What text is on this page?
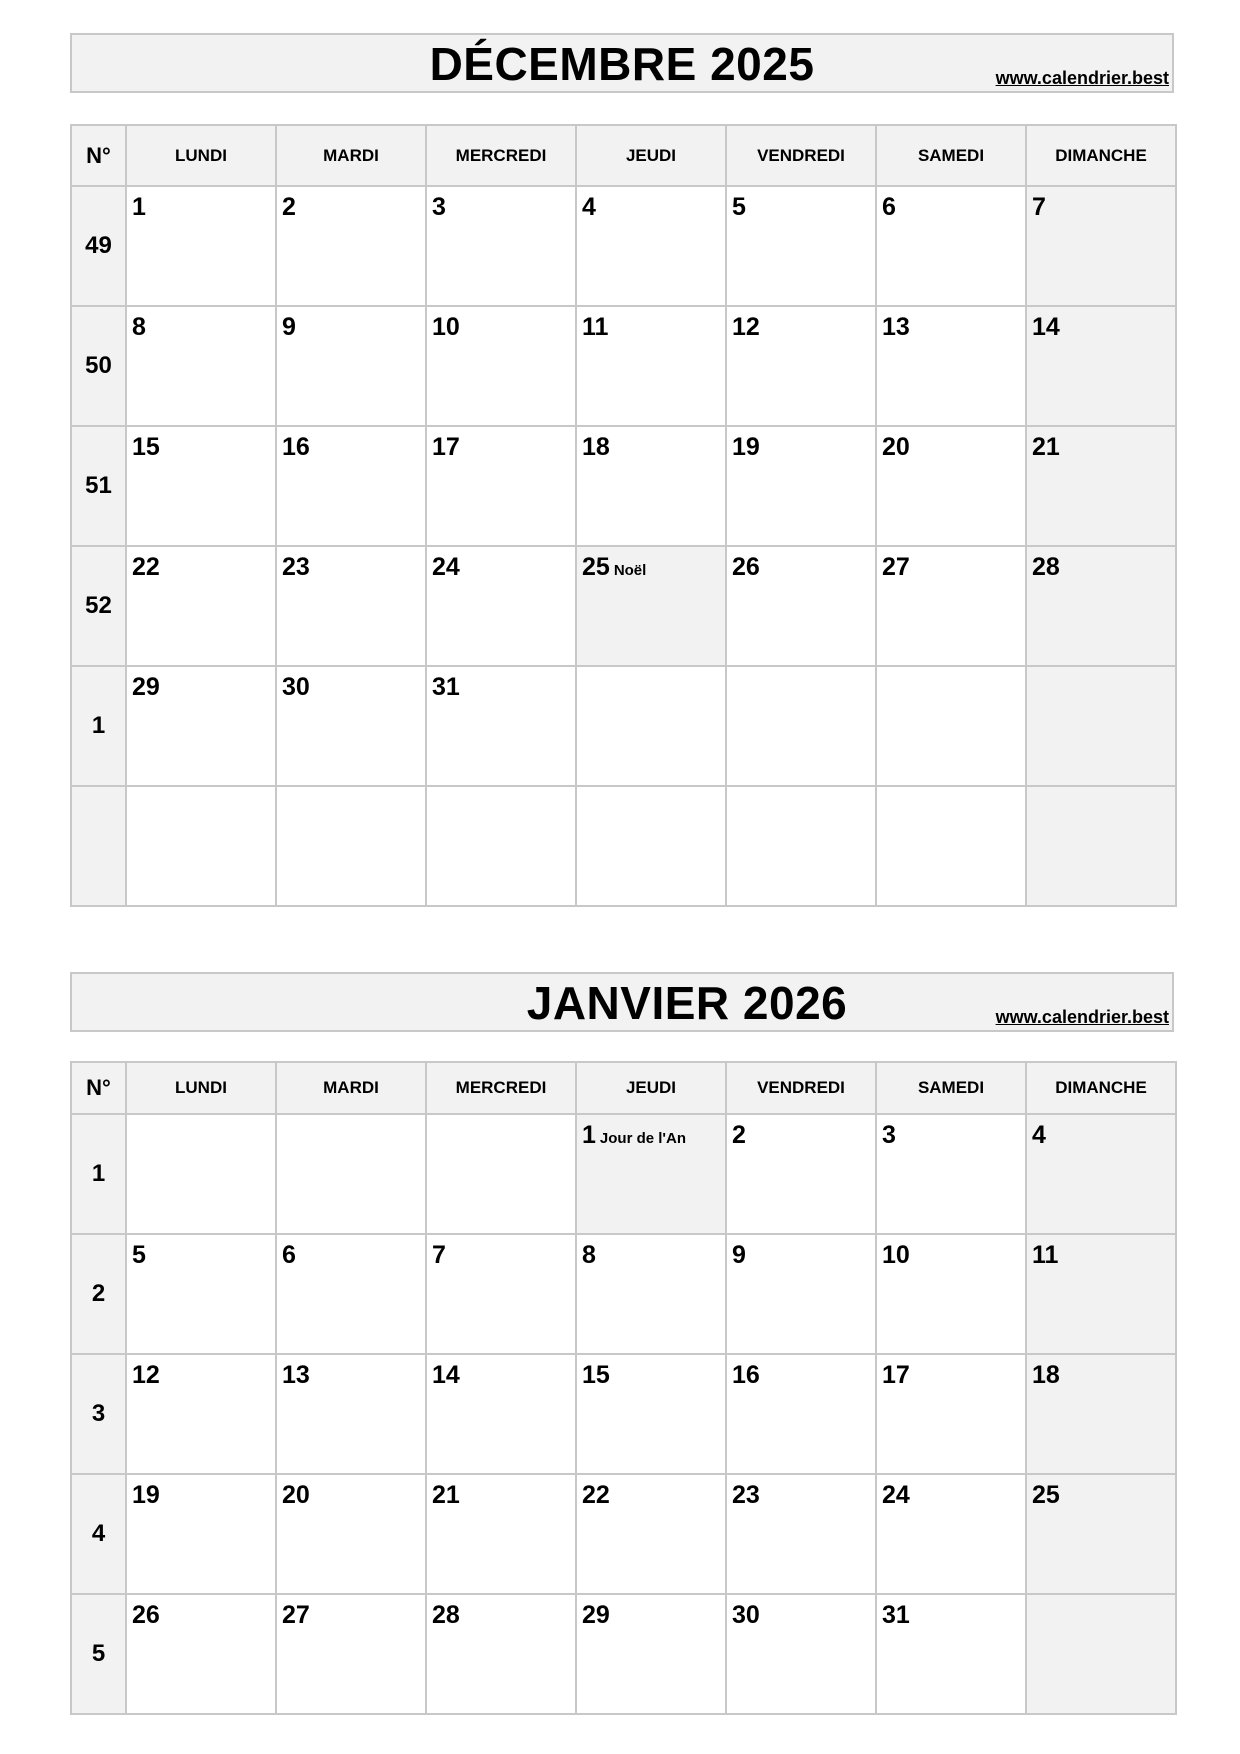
DÉCEMBRE 2025	www.calendrier.best
N°	LUNDI	MARDI	MERCREDI	JEUDI	VENDREDI	SAMEDI	DIMANCHE
49	1	2	3	4	5	6	7
50	8	9	10	11	12	13	14
51	15	16	17	18	19	20	21
52	22	23	24	25 Noël	26	27	28
1	29	30	31				

JANVIER 2026	www.calendrier.best
N°	LUNDI	MARDI	MERCREDI	JEUDI	VENDREDI	SAMEDI	DIMANCHE
1				1 Jour de l'An	2	3	4
2	5	6	7	8	9	10	11
3	12	13	14	15	16	17	18
4	19	20	21	22	23	24	25
5	26	27	28	29	30	31	
